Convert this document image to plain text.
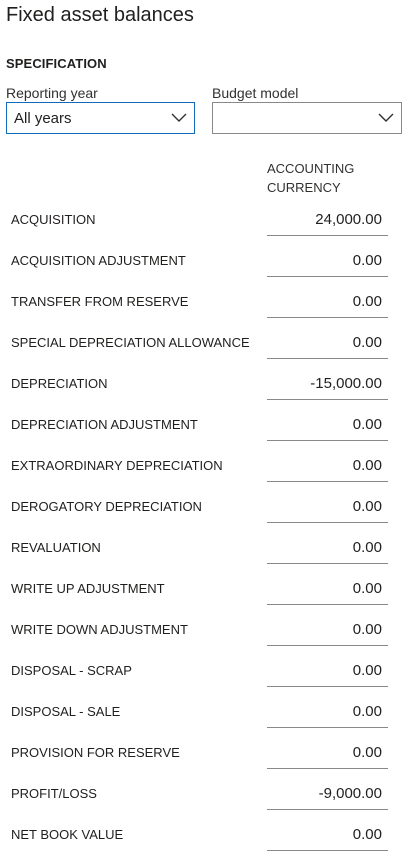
Fixed asset balances
SPECIFICATION
Reporting year	Budget model
All years
ACCOUNTING
CURRENCY
ACQUISITION	24,000.00
ACQUISITION ADJUSTMENT	0.00
TRANSFER FROM RESERVE	0.00
SPECIAL DEPRECIATION ALLOWANCE	0.00
DEPRECIATION	-15,000.00
DEPRECIATION ADJUSTMENT	0.00
EXTRAORDINARY DEPRECIATION	0.00
DEROGATORY DEPRECIATION	0.00
REVALUATION	0.00
WRITE UP ADJUSTMENT	0.00
WRITE DOWN ADJUSTMENT	0.00
DISPOSAL - SCRAP	0.00
DISPOSAL - SALE	0.00
PROVISION FOR RESERVE	0.00
PROFIT/LOSS	-9,000.00
NET BOOK VALUE	0.00
